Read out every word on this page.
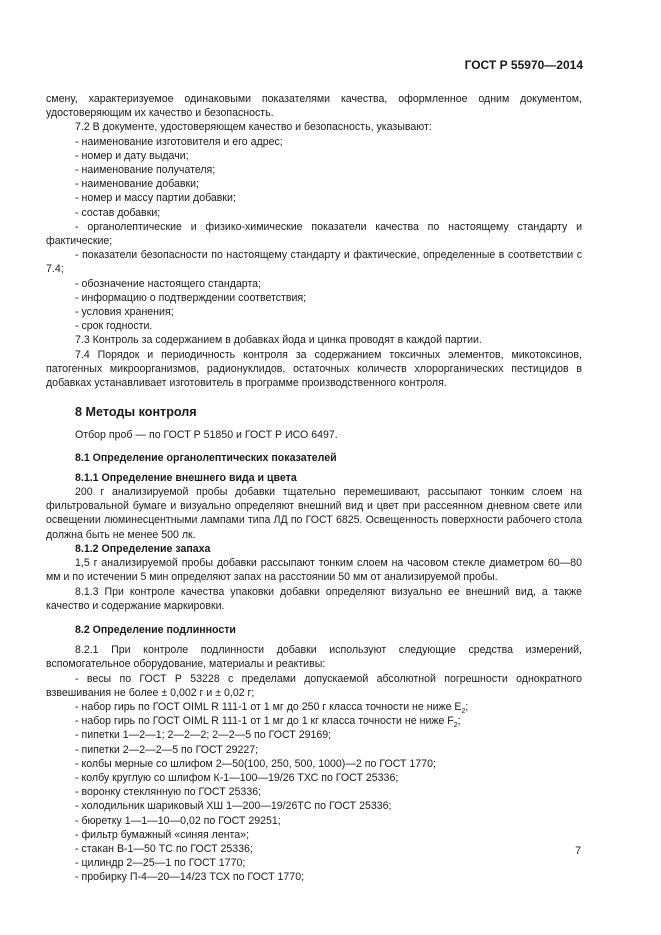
ГОСТ Р 55970—2014

сменy, характеризуемое одинаковыми показателями качества, оформленное одним документом, удостоверяющим их качество и безопасность.

7.2 В документе, удостоверяющем качество и безопасность, указывают:

- наименование изготовителя и его адрес;

- номер и дату выдачи;

- наименование получателя;

- наименование добавки;

- номер и массу партии добавки;

- состав добавки;

- органолептические и физико-химические показатели качества по настоящему стандарту и фактические;

- показатели безопасности по настоящему стандарту и фактические, определенные в соответствии с 7.4;

- обозначение настоящего стандарта;

- информацию о подтверждении соответствия;

- условия хранения;

- срок годности.

7.3 Контроль за содержанием в добавках йода и цинка проводят в каждой партии.

7.4 Порядок и периодичность контроля за содержанием токсичных элементов, микотоксинов, патогенных микроорганизмов, радионуклидов, остаточных количеств хлорорганических пестицидов в добавках устанавливает изготовитель в программе производственного контроля.

8 Методы контроля

Отбор проб — по ГОСТ Р 51850 и ГОСТ Р ИСО 6497.

8.1 Определение органолептических показателей
8.1.1 Определение внешнего вида и цвета

200 г анализируемой пробы добавки тщательно перемешивают, рассыпают тонким слоем на фильтровальной бумаге и визуально определяют внешний вид и цвет при рассеянном дневном свете или освещении люминесцентными лампами типа ЛД по ГОСТ 6825. Освещенность поверхности рабочего стола должна быть не менее 500 лк.

8.1.2 Определение запаха

1,5 г анализируемой пробы добавки рассыпают тонким слоем на часовом стекле диаметром 60—80 мм и по истечении 5 мин определяют запах на расстоянии 50 мм от анализируемой пробы.

8.1.3 При контроле качества упаковки добавки определяют визуально ее внешний вид, а также качество и содержание маркировки.

8.2 Определение подлинности

8.2.1 При контроле подлинности добавки используют следующие средства измерений, вспомогательное оборудование, материалы и реактивы:

- весы по ГОСТ Р 53228 с пределами допускаемой абсолютной погрешности однократного взвешивания не более ± 0,002 г и ± 0,02 г;

- набор гирь по ГОСТ OIML R 111-1 от 1 мг до 250 г класса точности не ниже $E_2$;

- набор гирь по ГОСТ OIML R 111-1 от 1 мг до 1 кг класса точности не ниже $F_2$;

- пипетки 1—2—1; 2—2—2; 2—2—5 по ГОСТ 29169;

- пипетки 2—2—2—5 по ГОСТ 29227;

- колбы мерные со шлифом 2—50(100, 250, 500, 1000)—2 по ГОСТ 1770;

- колбу круглую со шлифом К-1—100—19/26 ТХС по ГОСТ 25336;

- воронку стеклянную по ГОСТ 25336;

- холодильник шариковый ХШ 1—200—19/26ТС по ГОСТ 25336;

- бюретку 1—1—10—0,02 по ГОСТ 29251;

- фильтр бумажный «синяя лента»;

- стакан В-1—50 ТС по ГОСТ 25336;

- цилиндр 2—25—1 по ГОСТ 1770;

- пробирку П-4—20—14/23 ТСХ по ГОСТ 1770;

7
